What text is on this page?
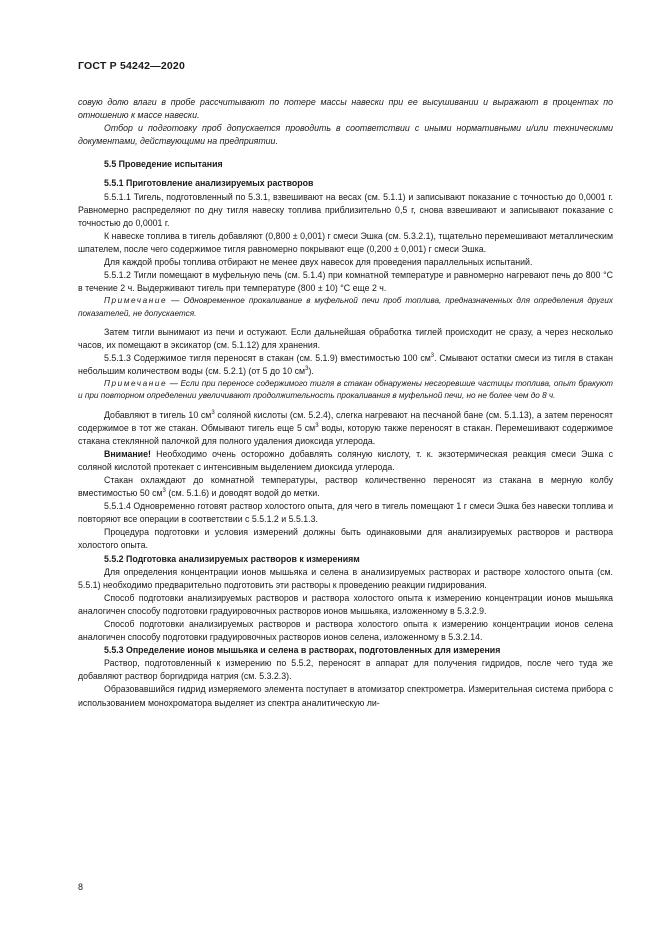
ГОСТ Р 54242—2020

совую долю влаги в пробе рассчитывают по потере массы навески при ее высушивании и выражают в процентах по отношению к массе навески.

Отбор и подготовку проб допускается проводить в соответствии с иными нормативными и/или техническими документами, действующими на предприятии.

5.5 Проведение испытания

5.5.1 Приготовление анализируемых растворов

5.5.1.1 Тигель, подготовленный по 5.3.1, взвешивают на весах (см. 5.1.1) и записывают показание с точностью до 0,0001 г. Равномерно распределяют по дну тигля навеску топлива приблизительно 0,5 г, снова взвешивают и записывают показание с точностью до 0,0001 г.

К навеске топлива в тигель добавляют (0,800 ± 0,001) г смеси Эшка (см. 5.3.2.1), тщательно перемешивают металлическим шпателем, после чего содержимое тигля равномерно покрывают еще (0,200 ± 0,001) г смеси Эшка.

Для каждой пробы топлива отбирают не менее двух навесок для проведения параллельных испытаний.

5.5.1.2 Тигли помещают в муфельную печь (см. 5.1.4) при комнатной температуре и равномерно нагревают печь до 800 °С в течение 2 ч. Выдерживают тигель при температуре (800 ± 10) °С еще 2 ч.

Примечание — Одновременное прокаливание в муфельной печи проб топлива, предназначенных для определения других показателей, не допускается.

Затем тигли вынимают из печи и остужают. Если дальнейшая обработка тиглей происходит не сразу, а через несколько часов, их помещают в эксикатор (см. 5.1.12) для хранения.

5.5.1.3 Содержимое тигля переносят в стакан (см. 5.1.9) вместимостью 100 $см^3$. Смывают остатки смеси из тигля в стакан небольшим количеством воды (см. 5.2.1) (от 5 до 10 $см^3$).

Примечание — Если при переносе содержимого тигля в стакан обнаружены несгоревшие частицы топлива, опыт бракуют и при повторном определении увеличивают продолжительность прокаливания в муфельной печи, но не более чем до 8 ч.

Добавляют в тигель 10 $см^3$ соляной кислоты (см. 5.2.4), слегка нагревают на песчаной бане (см. 5.1.13), а затем переносят содержимое в тот же стакан. Обмывают тигель еще 5 $см^3$ воды, которую также переносят в стакан. Перемешивают содержимое стакана стеклянной палочкой для полного удаления диоксида углерода.

Внимание! Необходимо очень осторожно добавлять соляную кислоту, т. к. экзотермическая реакция смеси Эшка с соляной кислотой протекает с интенсивным выделением диоксида углерода.

Стакан охлаждают до комнатной температуры, раствор количественно переносят из стакана в мерную колбу вместимостью 50 $см^3$ (см. 5.1.6) и доводят водой до метки.

5.5.1.4 Одновременно готовят раствор холостого опыта, для чего в тигель помещают 1 г смеси Эшка без навески топлива и повторяют все операции в соответствии с 5.5.1.2 и 5.5.1.3.

Процедура подготовки и условия измерений должны быть одинаковыми для анализируемых растворов и раствора холостого опыта.

5.5.2 Подготовка анализируемых растворов к измерениям

Для определения концентрации ионов мышьяка и селена в анализируемых растворах и растворе холостого опыта (см. 5.5.1) необходимо предварительно подготовить эти растворы к проведению реакции гидрирования.

Способ подготовки анализируемых растворов и раствора холостого опыта к измерению концентрации ионов мышьяка аналогичен способу подготовки градуировочных растворов ионов мышьяка, изложенному в 5.3.2.9.

Способ подготовки анализируемых растворов и раствора холостого опыта к измерению концентрации ионов селена аналогичен способу подготовки градуировочных растворов ионов селена, изложенному в 5.3.2.14.

5.5.3 Определение ионов мышьяка и селена в растворах, подготовленных для измерения

Раствор, подготовленный к измерению по 5.5.2, переносят в аппарат для получения гидридов, после чего туда же добавляют раствор боргидрида натрия (см. 5.3.2.3).

Образовавшийся гидрид измеряемого элемента поступает в атомизатор спектрометра. Измерительная система прибора с использованием монохроматора выделяет из спектра аналитическую ли-

8
